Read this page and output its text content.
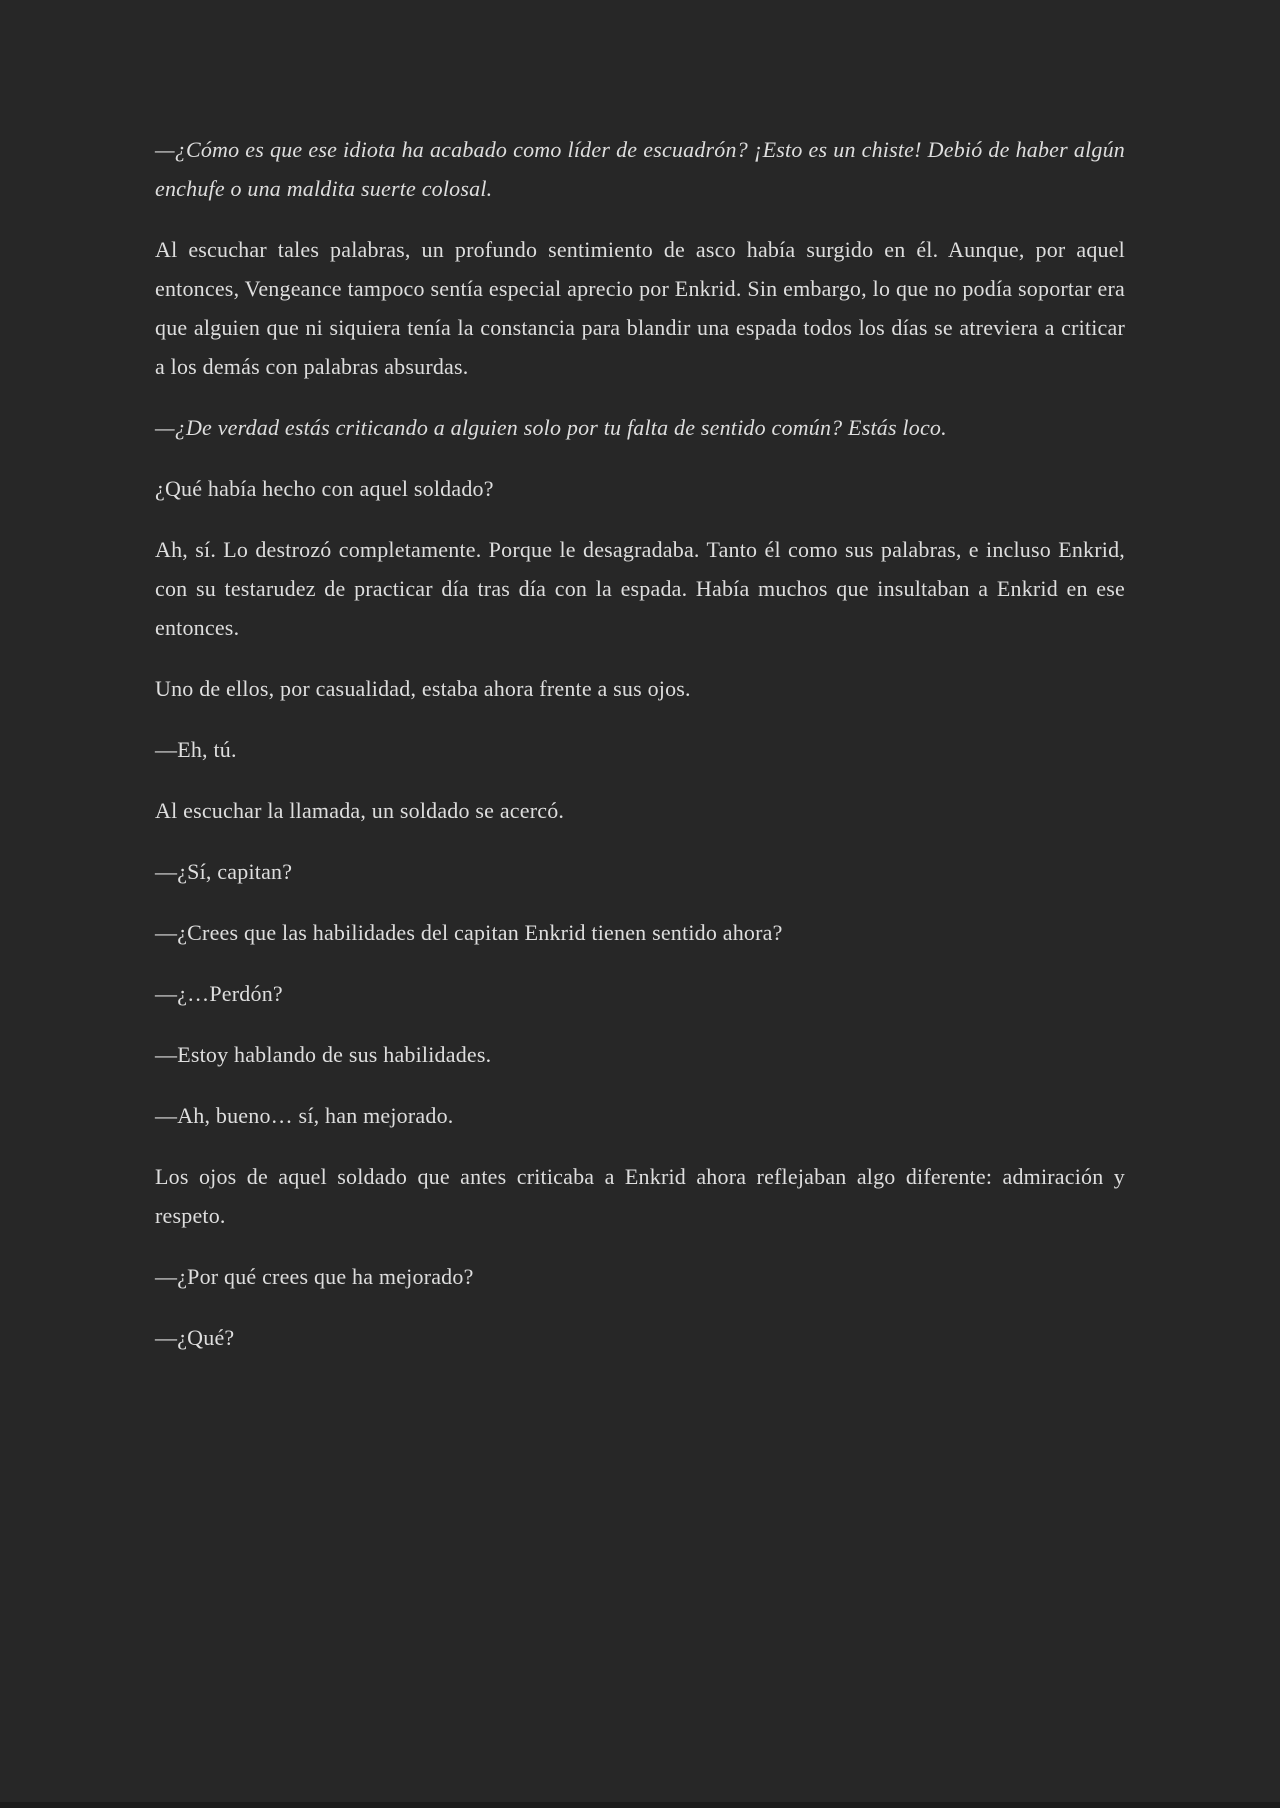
—¿Cómo es que ese idiota ha acabado como líder de escuadrón? ¡Esto es un chiste! Debió de haber algún enchufe o una maldita suerte colosal.

Al escuchar tales palabras, un profundo sentimiento de asco había surgido en él. Aunque, por aquel entonces, Vengeance tampoco sentía especial aprecio por Enkrid. Sin embargo, lo que no podía soportar era que alguien que ni siquiera tenía la constancia para blandir una espada todos los días se atreviera a criticar a los demás con palabras absurdas.

—¿De verdad estás criticando a alguien solo por tu falta de sentido común? Estás loco.

¿Qué había hecho con aquel soldado?

Ah, sí. Lo destrozó completamente. Porque le desagradaba. Tanto él como sus palabras, e incluso Enkrid, con su testarudez de practicar día tras día con la espada. Había muchos que insultaban a Enkrid en ese entonces.

Uno de ellos, por casualidad, estaba ahora frente a sus ojos.

—Eh, tú.

Al escuchar la llamada, un soldado se acercó.

—¿Sí, capitan?

—¿Crees que las habilidades del capitan Enkrid tienen sentido ahora?

—¿…Perdón?

—Estoy hablando de sus habilidades.

—Ah, bueno… sí, han mejorado.

Los ojos de aquel soldado que antes criticaba a Enkrid ahora reflejaban algo diferente: admiración y respeto.

—¿Por qué crees que ha mejorado?

—¿Qué?
